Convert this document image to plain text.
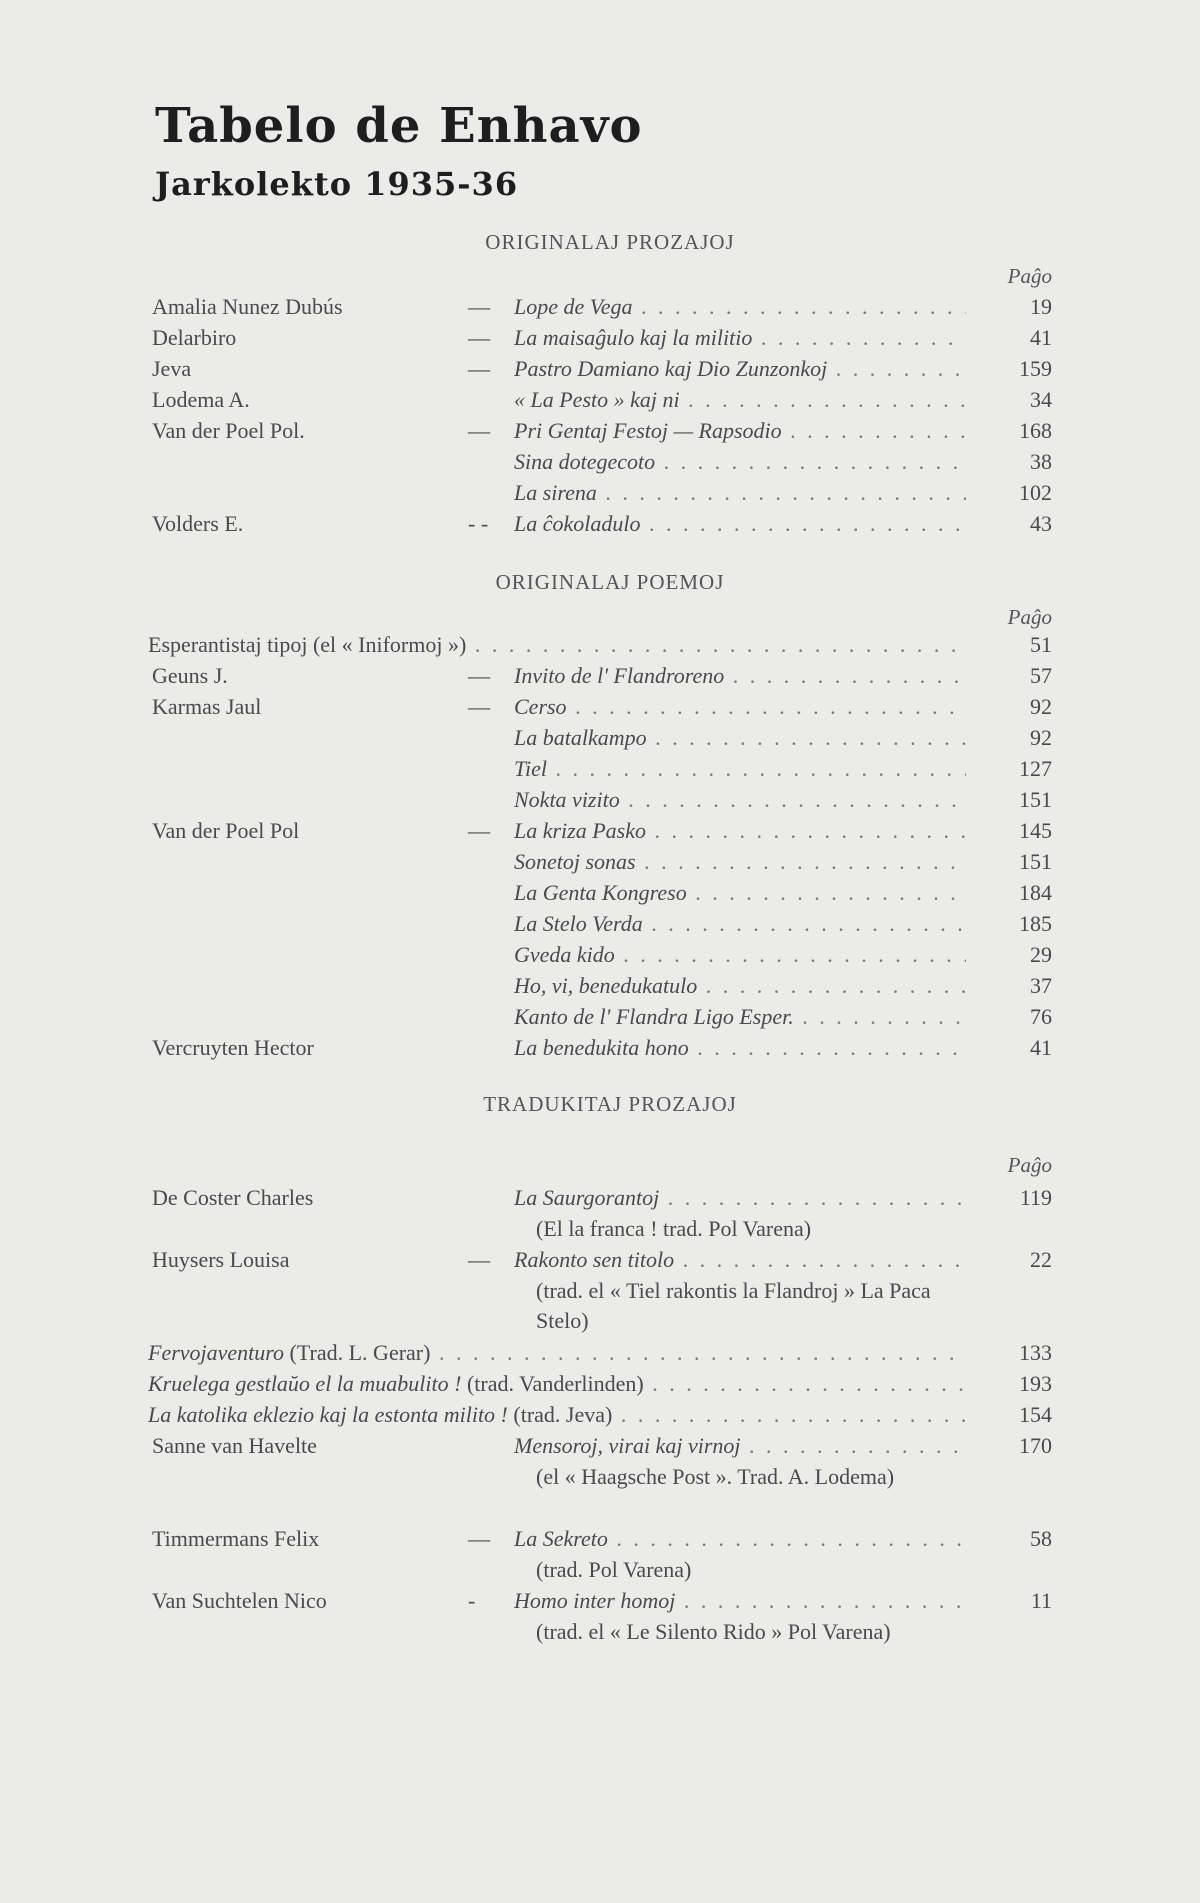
Tabelo de Enhavo
Jarkolekto 1935-36
ORIGINALAJ PROZAJOJ
Paĝo
Amalia Nunez Dubús	— Lope de Vega . . .	19
Delarbiro	— La maisaĝulo kaj la militio . . .	41
Jeva	— Pastro Damiano kaj Dio Zunzonkoj . . .	159
Lodema A.	« La Pesto » kaj ni . . .	34
Van der Poel Pol.	— Pri Gentaj Festoj — Rapsodio . . .	168
Sina dotegecoto . . .	38
La sirena . . .	102
Volders E.	- - La ĉokoladulo . . .	43
ORIGINALAJ POEMOJ
Paĝo
Esperantistaj tipoj (el « Iniformoj ») . . .	51
Geuns J.	— Invito de l' Flandroreno . . .	57
Karmas Jaul	— Cerso . . .	92
La batalkampo . . .	92
Tiel . . .	127
Nokta vizito . . .	151
Van der Poel Pol	— La kriza Pasko . . .	145
Sonetoj sonas . . .	151
La Genta Kongreso . . .	184
La Stelo Verda . . .	185
Gveda kido . . .	29
Ho, vi, benedukatulo . . .	37
Kanto de l' Flandra Ligo Esper. . . .	76
Vercruyten Hector	La benedukita hono . . .	41
TRADUKITAJ PROZAJOJ
Paĝo
De Coster Charles	La Saurgorantoj . . .	119
(El la franca ! trad. Pol Varena)
Huysers Louisa	— Rakonto sen titolo . . .	22
(trad. el « Tiel rakontis la Flandroj » La Paca Stelo)
Fervojaventuro (Trad. L. Gerar) . . .	133
Kruelega gestlaŭo el la muabulito ! (trad. Vanderlinden) . . .	193
La katolika eklezio kaj la estonta milito ! (trad. Jeva) . . .	154
Sanne van Havelte	Mensoroj, virai kaj virnoj . . .	170
(el « Haagsche Post ». Trad. A. Lodema)
Timmermans Felix	— La Sekreto . . .	58
(trad. Pol Varena)
Van Suchtelen Nico	- Homo inter homoj . . .	11
(trad. el « Le Silento Rido » Pol Varena)
